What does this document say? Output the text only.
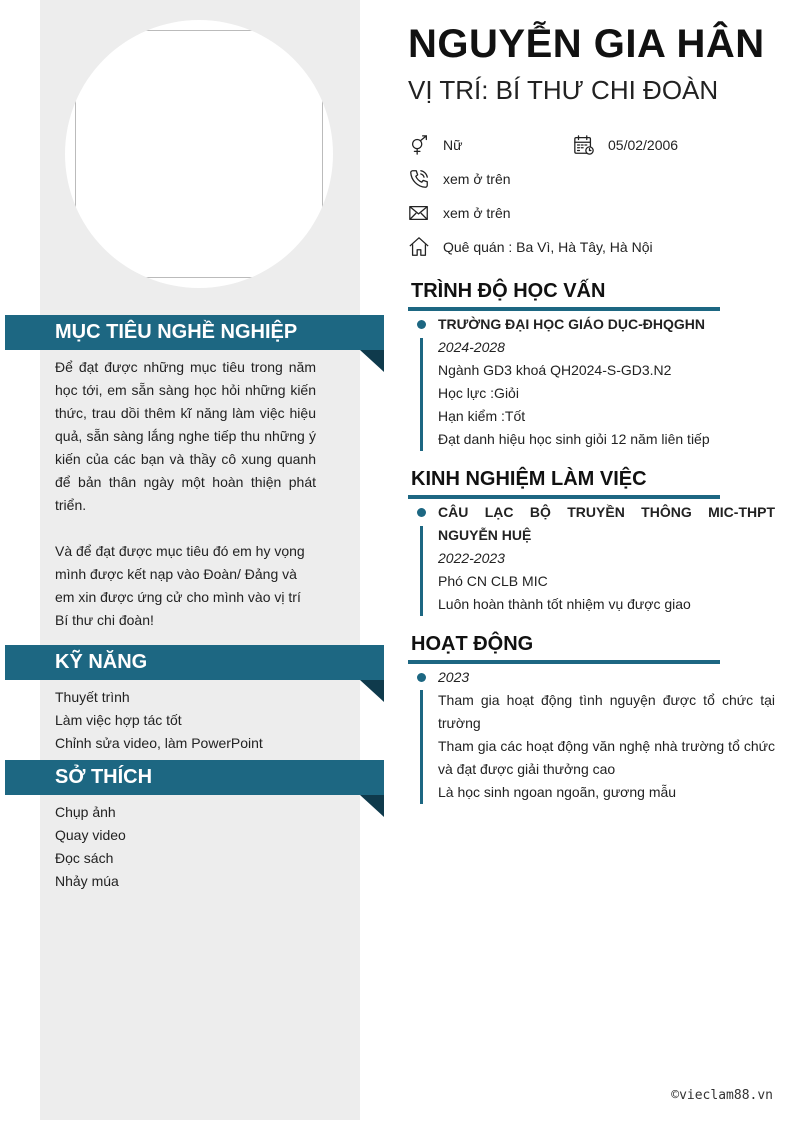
MỤC TIÊU NGHỀ NGHIỆP
Để đạt được những mục tiêu trong năm học tới, em sẵn sàng học hỏi những kiến thức, trau dồi thêm kĩ năng làm việc hiệu quả, sẵn sàng lắng nghe tiếp thu những ý kiến của các bạn và thầy cô xung quanh để bản thân ngày một hoàn thiện phát triển.
Và để đạt được mục tiêu đó em hy vọng mình được kết nạp vào Đoàn/ Đảng và em xin được ứng cử cho mình vào vị trí Bí thư chi đoàn!
KỸ NĂNG
Thuyết trình
Làm việc hợp tác tốt
Chỉnh sửa video, làm PowerPoint
SỞ THÍCH
Chụp ảnh
Quay video
Đọc sách
Nhảy múa
NGUYỄN GIA HÂN
VỊ TRÍ: BÍ THƯ CHI ĐOÀN
Nữ	05/02/2006
xem ở trên
xem ở trên
Quê quán : Ba Vì, Hà Tây, Hà Nội
TRÌNH ĐỘ HỌC VẤN
TRƯỜNG ĐẠI HỌC GIÁO DỤC-ĐHQGHN
2024-2028
Ngành GD3 khoá QH2024-S-GD3.N2
Học lực :Giỏi
Hạn kiểm :Tốt
Đạt danh hiệu học sinh giỏi 12 năm liên tiếp
KINH NGHIỆM LÀM VIỆC
CÂU LẠC BỘ TRUYỀN THÔNG MIC-THPT NGUYỄN HUỆ
2022-2023
Phó CN CLB MIC
Luôn hoàn thành tốt nhiệm vụ được giao
HOẠT ĐỘNG
2023
Tham gia hoạt động tình nguyện được tổ chức tại trường
Tham gia các hoạt động văn nghệ nhà trường tổ chức và đạt được giải thưởng cao
Là học sinh ngoan ngoãn, gương mẫu
©vieclam88.vn
